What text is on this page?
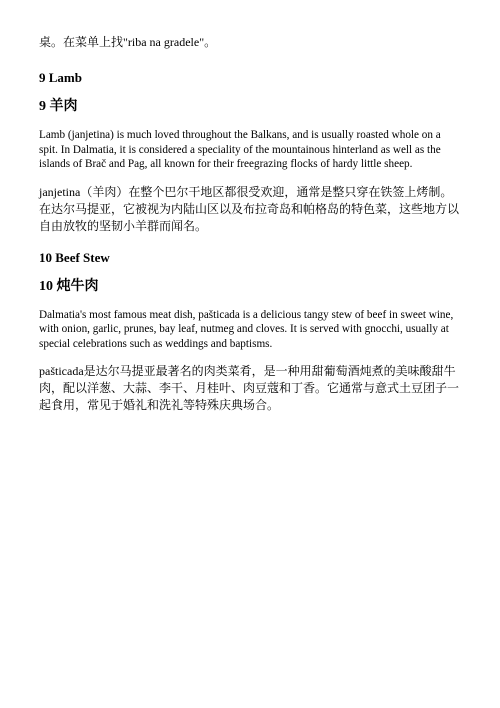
桌。在菜单上找"riba na gradele"。

9 Lamb

9 羊肉

Lamb (janjetina) is much loved throughout the Balkans, and is usually roasted whole on a spit. In Dalmatia, it is considered a speciality of the mountainous hinterland as well as the islands of Brač and Pag, all known for their freegrazing flocks of hardy little sheep.

janjetina（羊肉）在整个巴尔干地区都很受欢迎，通常是整只穿在铁签上烤制。在达尔马提亚，它被视为内陆山区以及布拉奇岛和帕格岛的特色菜，这些地方以自由放牧的坚韧小羊群而闻名。

10 Beef Stew

10 炖牛肉

Dalmatia's most famous meat dish, pašticada is a delicious tangy stew of beef in sweet wine, with onion, garlic, prunes, bay leaf, nutmeg and cloves. It is served with gnocchi, usually at special celebrations such as weddings and baptisms.

pašticada是达尔马提亚最著名的肉类菜肴，是一种用甜葡萄酒炖煮的美味酸甜牛肉，配以洋葱、大蒜、李干、月桂叶、肉豆蔻和丁香。它通常与意式土豆团子一起食用，常见于婚礼和洗礼等特殊庆典场合。
